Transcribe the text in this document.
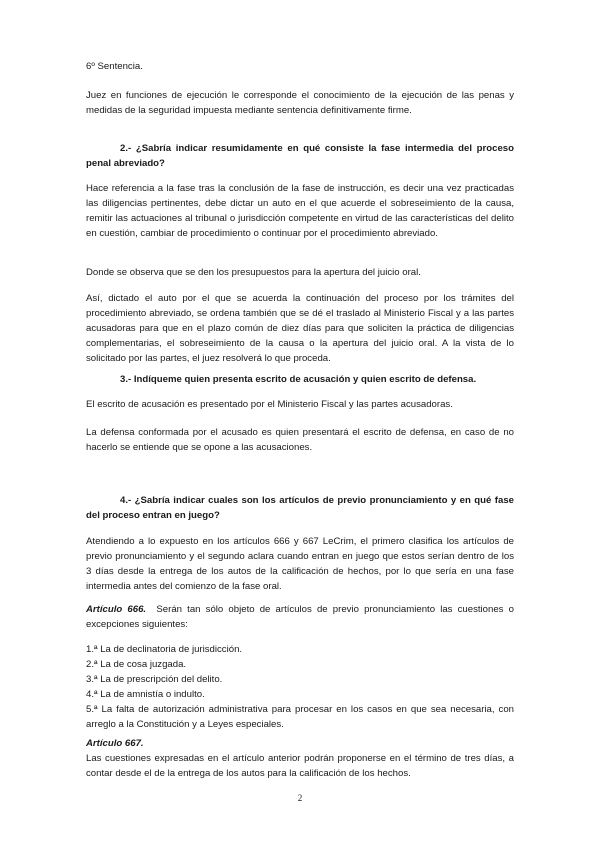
6º Sentencia.

Juez en funciones de ejecución le corresponde el conocimiento de la ejecución de las penas y medidas de la seguridad impuesta mediante sentencia definitivamente firme.

2.- ¿Sabría indicar resumidamente en qué consiste la fase intermedia del proceso penal abreviado?

Hace referencia a la fase tras la conclusión de la fase de instrucción, es decir una vez practicadas las diligencias pertinentes, debe dictar un auto en el que acuerde el sobreseimiento de la causa, remitir las actuaciones al tribunal o jurisdicción competente en virtud de las características del delito en cuestión, cambiar de procedimiento o continuar por el procedimiento abreviado.

Donde se observa que se den los presupuestos para la apertura del juicio oral.

Así, dictado el auto por el que se acuerda la continuación del proceso por los trámites del procedimiento abreviado, se ordena también que se dé el traslado al Ministerio Fiscal y a las partes acusadoras para que en el plazo común de diez días para que soliciten la práctica de diligencias complementarias, el sobreseimiento de la causa o la apertura del juicio oral. A la vista de lo solicitado por las partes, el juez resolverá lo que proceda.

3.- Indíqueme quien presenta escrito de acusación y quien escrito de defensa.

El escrito de acusación es presentado por el Ministerio Fiscal y las partes acusadoras.

La defensa conformada por el acusado es quien presentará el escrito de defensa, en caso de no hacerlo se entiende que se opone a las acusaciones.

4.- ¿Sabría indicar cuales son los artículos de previo pronunciamiento y en qué fase del proceso entran en juego?

Atendiendo a lo expuesto en los artículos 666 y 667 LeCrim, el primero clasifica los artículos de previo pronunciamiento y el segundo aclara cuando entran en juego que estos serían dentro de los 3 días desde la entrega de los autos de la calificación de hechos, por lo que sería en una fase intermedia antes del comienzo de la fase oral.

Artículo 666. Serán tan sólo objeto de artículos de previo pronunciamiento las cuestiones o excepciones siguientes:

1.ª La de declinatoria de jurisdicción.
2.ª La de cosa juzgada.
3.ª La de prescripción del delito.
4.ª La de amnistía o indulto.
5.ª La falta de autorización administrativa para procesar en los casos en que sea necesaria, con arreglo a la Constitución y a Leyes especiales.

Artículo 667.

Las cuestiones expresadas en el artículo anterior podrán proponerse en el término de tres días, a contar desde el de la entrega de los autos para la calificación de los hechos.

2
